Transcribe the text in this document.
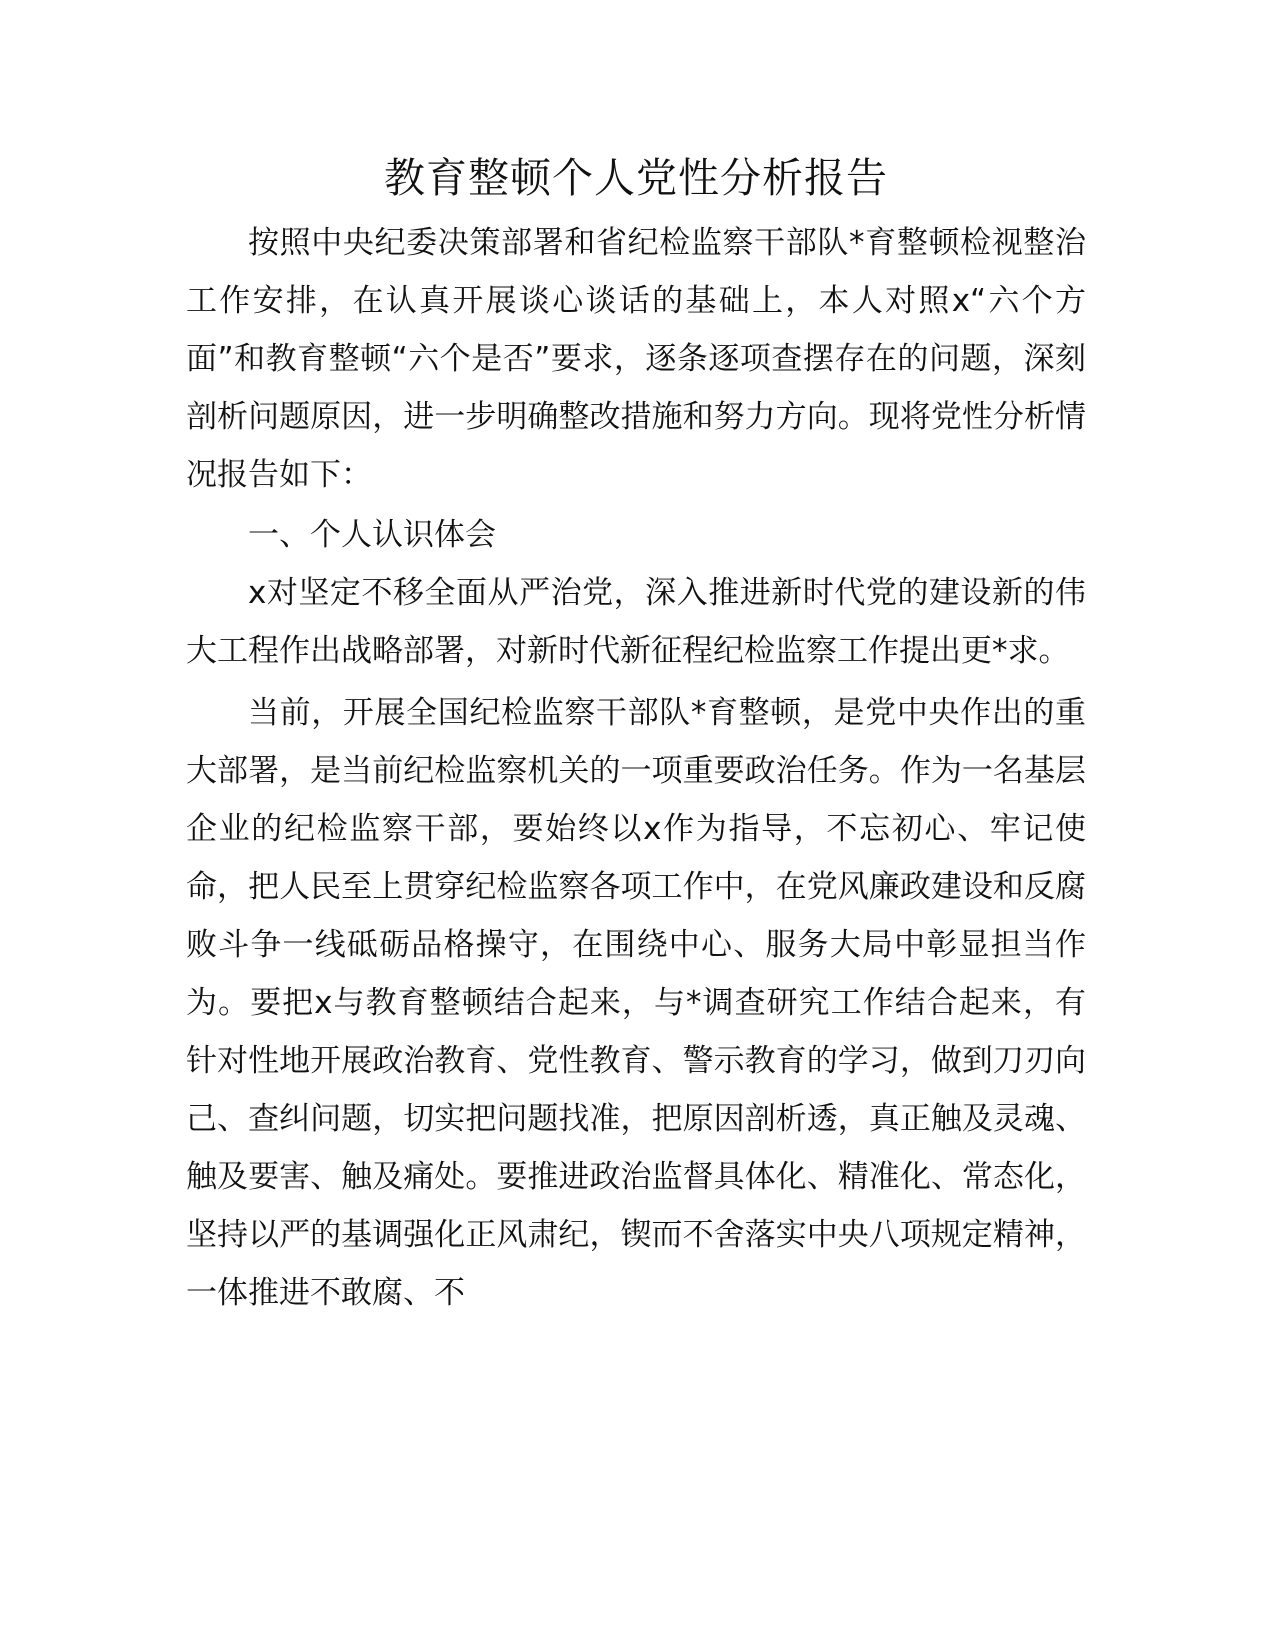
教育整顿个人党性分析报告

按照中央纪委决策部署和省纪检监察干部队*育整顿检视整治工作安排，在认真开展谈心谈话的基础上，本人对照x“六个方面”和教育整顿“六个是否”要求，逐条逐项查摆存在的问题，深刻剖析问题原因，进一步明确整改措施和努力方向。现将党性分析情况报告如下：

一、个人认识体会

x对坚定不移全面从严治党，深入推进新时代党的建设新的伟大工程作出战略部署，对新时代新征程纪检监察工作提出更*求。

当前，开展全国纪检监察干部队*育整顿，是党中央作出的重大部署，是当前纪检监察机关的一项重要政治任务。作为一名基层企业的纪检监察干部，要始终以x作为指导，不忘初心、牢记使命，把人民至上贯穿纪检监察各项工作中，在党风廉政建设和反腐败斗争一线砥砺品格操守，在围绕中心、服务大局中彰显担当作为。要把x与教育整顿结合起来，与*调查研究工作结合起来，有针对性地开展政治教育、党性教育、警示教育的学习，做到刀刃向己、查纠问题，切实把问题找准，把原因剖析透，真正触及灵魂、触及要害、触及痛处。要推进政治监督具体化、精准化、常态化，坚持以严的基调强化正风肃纪，锲而不舍落实中央八项规定精神，一体推进不敢腐、不
